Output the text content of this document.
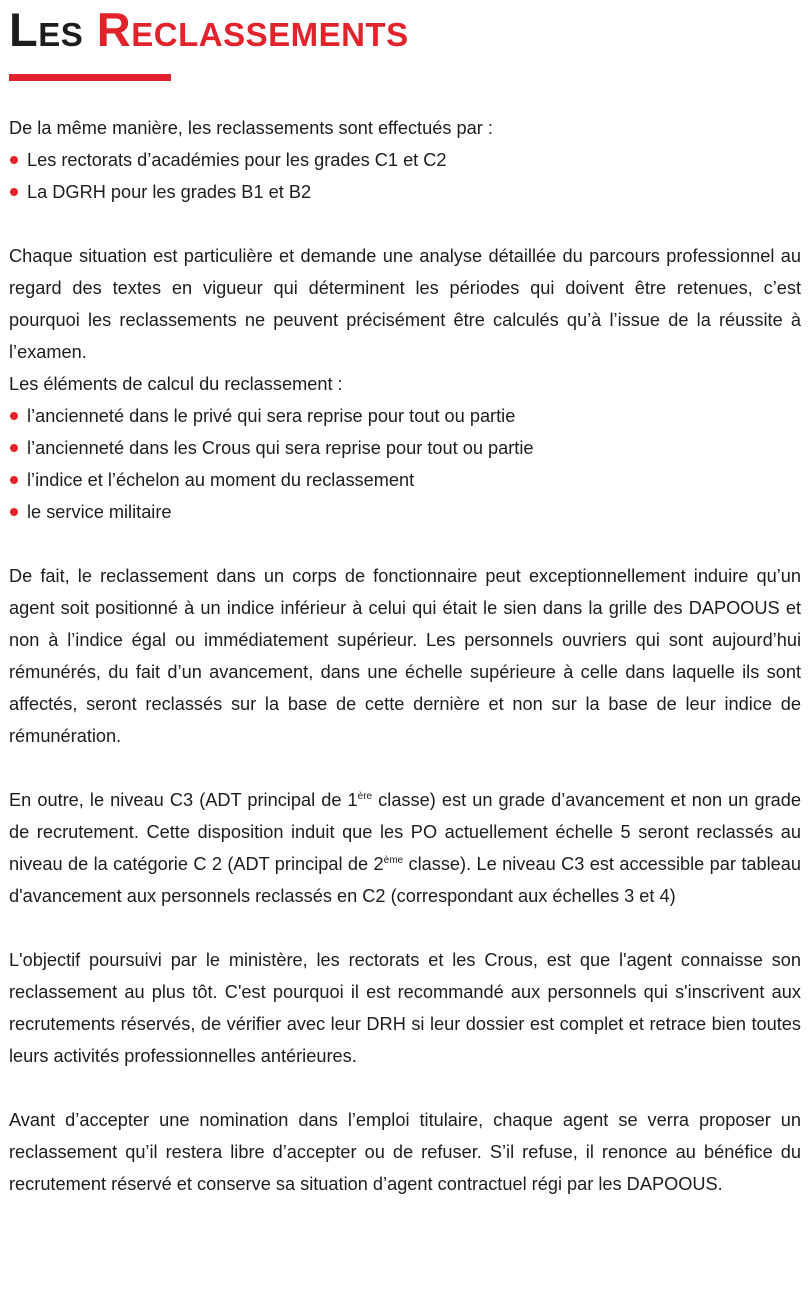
Les Reclassements

De la même manière, les reclassements sont effectués par :

Les rectorats d’académies pour les grades C1 et C2
La DGRH pour les grades B1 et B2

Chaque situation est particulière et demande une analyse détaillée du parcours professionnel au regard des textes en vigueur qui déterminent les périodes qui doivent être retenues, c’est pourquoi les reclassements ne peuvent précisément être calculés qu’à l’issue de la réussite à l’examen.

Les éléments de calcul du reclassement :

l’ancienneté dans le privé qui sera reprise pour tout ou partie
l’ancienneté dans les Crous qui sera reprise pour tout ou partie
l’indice et l’échelon au moment du reclassement
le service militaire

De fait, le reclassement dans un corps de fonctionnaire peut exceptionnellement induire qu’un agent soit positionné à un indice inférieur à celui qui était le sien dans la grille des DAPOOUS et non à l’indice égal ou immédiatement supérieur. Les personnels ouvriers qui sont aujourd’hui rémunérés, du fait d’un avancement, dans une échelle supérieure à celle dans laquelle ils sont affectés, seront reclassés sur la base de cette dernière et non sur la base de leur indice de rémunération.

En outre, le niveau C3 (ADT principal de 1ère classe) est un grade d’avancement et non un grade de recrutement. Cette disposition induit que les PO actuellement échelle 5 seront reclassés au niveau de la catégorie C 2 (ADT principal de 2ème classe). Le niveau C3 est accessible par tableau d'avancement aux personnels reclassés en C2 (correspondant aux échelles 3 et 4)

L'objectif poursuivi par le ministère, les rectorats et les Crous, est que l'agent connaisse son reclassement au plus tôt. C'est pourquoi il est recommandé aux personnels qui s'inscrivent aux recrutements réservés, de vérifier avec leur DRH si leur dossier est complet et retrace bien toutes leurs activités professionnelles antérieures.

Avant d’accepter une nomination dans l’emploi titulaire, chaque agent se verra proposer un reclassement qu’il restera libre d’accepter ou de refuser. S’il refuse, il renonce au bénéfice du recrutement réservé et conserve sa situation d’agent contractuel régi par les DAPOOUS.
